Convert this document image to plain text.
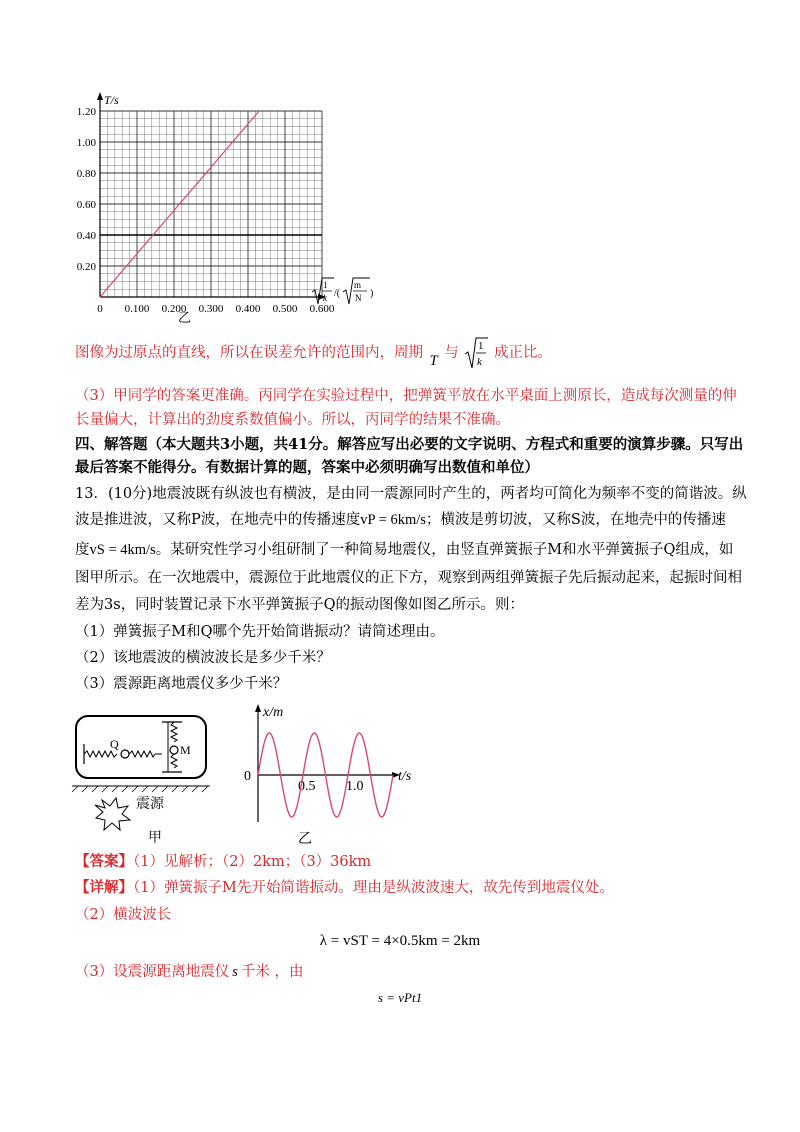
T/s
0.20
0.40
0.60
0.80
1.00
1.20
0 0.100 0.200 0.300 0.400 0.500 0.600
1
k /(
m
N )
乙
图像为过原点的直线，所以在误差允许的范围内，周期 T 与 1
k
成正比。
（3）甲同学的答案更准确。丙同学在实验过程中，把弹簧平放在水平桌面上测原长，造成每次测量的伸
长量偏大，计算出的劲度系数值偏小。所以，丙同学的结果不准确。
四、解答题（本大题共3小题，共41分。解答应写出必要的文字说明、方程式和重要的演算步骤。只写出
最后答案不能得分。有数据计算的题，答案中必须明确写出数值和单位）
13．(10分)地震波既有纵波也有横波，是由同一震源同时产生的，两者均可简化为频率不变的简谐波。纵
波是推进波，又称P波，在地壳中的传播速度vP = 6km/s；横波是剪切波，又称S波，在地壳中的传播速
度vS = 4km/s。某研究性学习小组研制了一种简易地震仪，由竖直弹簧振子M和水平弹簧振子Q组成，如
图甲所示。在一次地震中，震源位于此地震仪的正下方，观察到两组弹簧振子先后振动起来，起振时间相
差为3s，同时装置记录下水平弹簧振子Q的振动图像如图乙所示。则：
（1）弹簧振子M和Q哪个先开始简谐振动？请简述理由。
（2）该地震波的横波波长是多少千米？
（3）震源距离地震仪多少千米？
Q	M
震源
甲
x/m
t/s
0
0.5 1.0
乙
【答案】（1）见解析；（2）2km；（3）36km
【详解】（1）弹簧振子M先开始简谐振动。理由是纵波波速大，故先传到地震仪处。
（2）横波波长
λ = vST = 4×0.5km = 2km
（3）设震源距离地震仪 s 千米 ，由
s = vPt1
